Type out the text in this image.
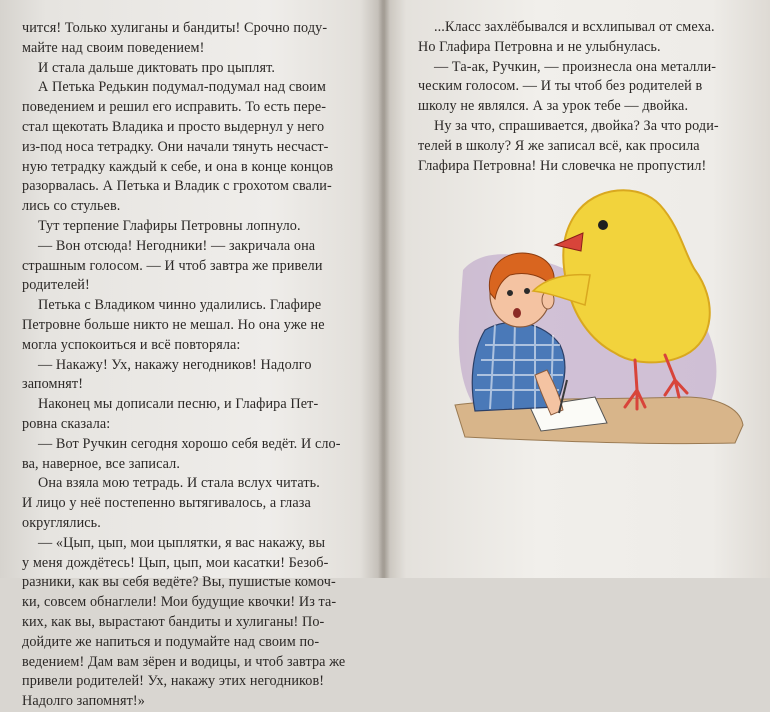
чится! Только хулиганы и бандиты! Срочно поду-
майте над своим поведением!
И стала дальше диктовать про цыплят.
А Петька Редькин подумал-подумал над своим
поведением и решил его исправить. То есть пере-
стал щекотать Владика и просто выдернул у него
из-под носа тетрадку. Они начали тянуть несчаст-
ную тетрадку каждый к себе, и она в конце концов
разорвалась. А Петька и Владик с грохотом свали-
лись со стульев.
Тут терпение Глафиры Петровны лопнуло.
— Вон отсюда! Негодники! — закричала она
страшным голосом. — И чтоб завтра же привели
родителей!
Петька с Владиком чинно удалились. Глафире
Петровне больше никто не мешал. Но она уже не
могла успокоиться и всё повторяла:
— Накажу! Ух, накажу негодников! Надолго
запомнят!
Наконец мы дописали песню, и Глафира Пет-
ровна сказала:
— Вот Ручкин сегодня хорошо себя ведёт. И сло-
ва, наверное, все записал.
Она взяла мою тетрадь. И стала вслух читать.
И лицо у неё постепенно вытягивалось, а глаза
округлялись.
— «Цып, цып, мои цыплятки, я вас накажу, вы
у меня дождётесь! Цып, цып, мои касатки! Безоб-
разники, как вы себя ведёте? Вы, пушистые комоч-
ки, совсем обнаглели! Мои будущие квочки! Из та-
ких, как вы, вырастают бандиты и хулиганы! По-
дойдите же напиться и подумайте над своим по-
ведением! Дам вам зёрен и водицы, и чтоб завтра же
привели родителей! Ух, накажу этих негодников!
Надолго запомнят!»
...Класс захлёбывался и всхлипывал от смеха.
Но Глафира Петровна и не улыбнулась.
— Та-ак, Ручкин, — произнесла она металли-
ческим голосом. — И ты чтоб без родителей в
школу не являлся. А за урок тебе — двойка.
Ну за что, спрашивается, двойка? За что роди-
телей в школу? Я же записал всё, как просила
Глафира Петровна! Ни словечка не пропустил!
